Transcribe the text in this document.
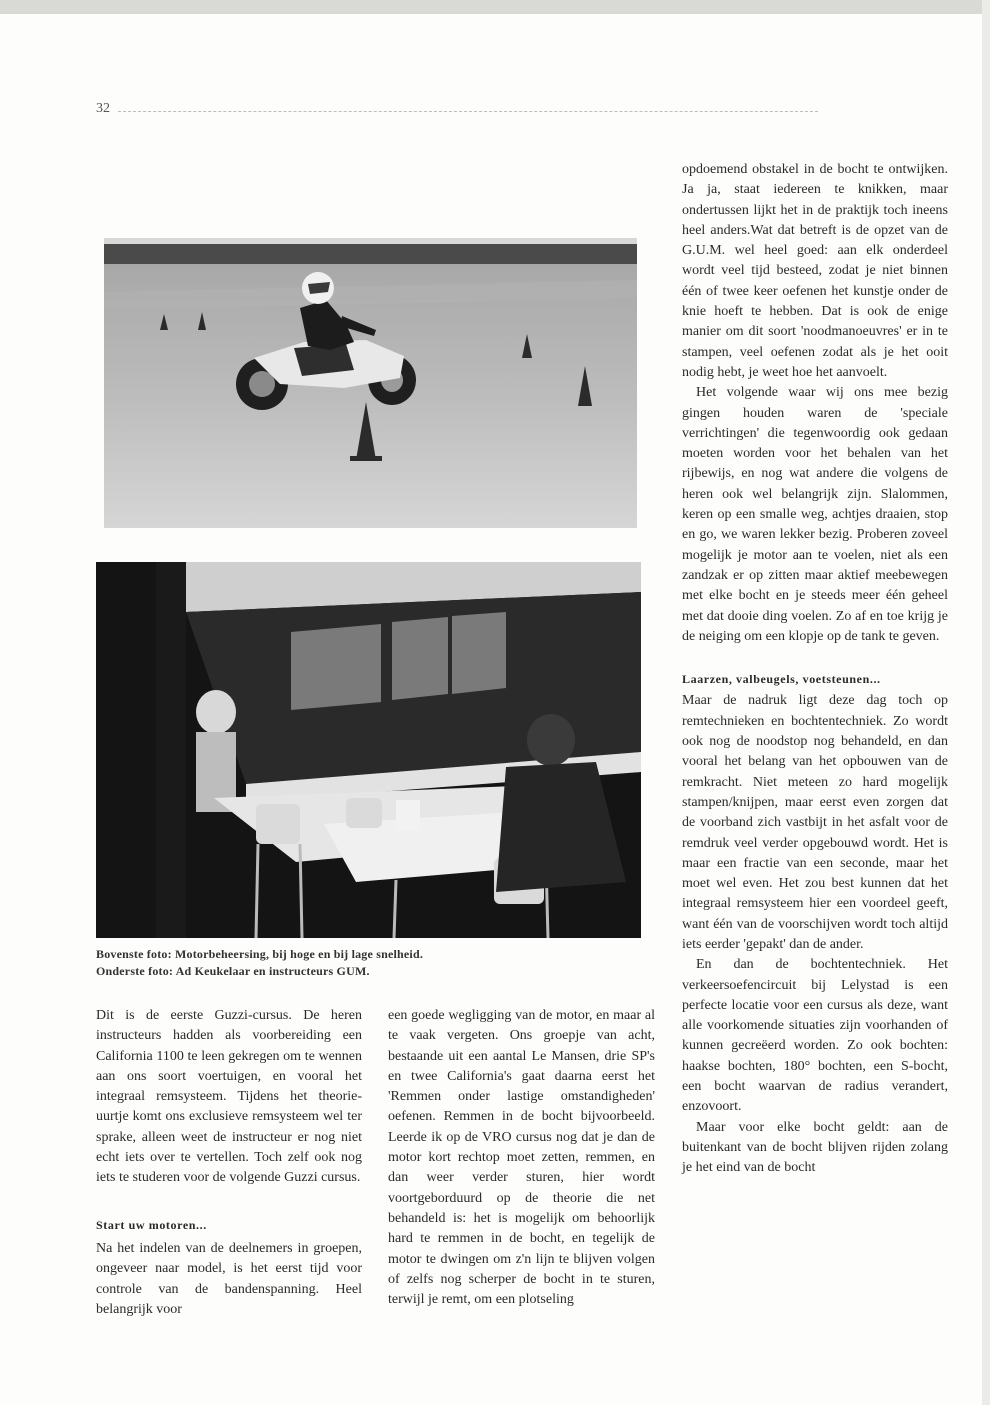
32
Bovenste foto: Motorbeheersing, bij hoge en bij lage snelheid.
Onderste foto: Ad Keukelaar en instructeurs GUM.

Dit is de eerste Guzzi-cursus. De heren instructeurs hadden als voorbereiding een California 1100 te leen gekregen om te wennen aan ons soort voertuigen, en vooral het integraal remsysteem. Tijdens het theorie-uurtje komt ons exclusieve remsysteem wel ter sprake, alleen weet de instructeur er nog niet echt iets over te vertellen. Toch zelf ook nog iets te studeren voor de volgende Guzzi cursus.

Start uw motoren...

Na het indelen van de deelnemers in groepen, ongeveer naar model, is het eerst tijd voor controle van de bandenspanning. Heel belangrijk voor

een goede wegligging van de motor, en maar al te vaak vergeten. Ons groepje van acht, bestaande uit een aantal Le Mansen, drie SP's en twee California's gaat daarna eerst het 'Remmen onder lastige omstandigheden' oefenen. Remmen in de bocht bijvoorbeeld. Leerde ik op de VRO cursus nog dat je dan de motor kort rechtop moet zetten, remmen, en dan weer verder sturen, hier wordt voortgeborduurd op de theorie die net behandeld is: het is mogelijk om behoorlijk hard te remmen in de bocht, en tegelijk de motor te dwingen om z'n lijn te blijven volgen of zelfs nog scherper de bocht in te sturen, terwijl je remt, om een plotseling

opdoemend obstakel in de bocht te ontwijken. Ja ja, staat iedereen te knikken, maar ondertussen lijkt het in de praktijk toch ineens heel anders.Wat dat betreft is de opzet van de G.U.M. wel heel goed: aan elk onderdeel wordt veel tijd besteed, zodat je niet binnen één of twee keer oefenen het kunstje onder de knie hoeft te hebben. Dat is ook de enige manier om dit soort 'noodmanoeuvres' er in te stampen, veel oefenen zodat als je het ooit nodig hebt, je weet hoe het aanvoelt.

Het volgende waar wij ons mee bezig gingen houden waren de 'speciale verrichtingen' die tegenwoordig ook gedaan moeten worden voor het behalen van het rijbewijs, en nog wat andere die volgens de heren ook wel belangrijk zijn. Slalommen, keren op een smalle weg, achtjes draaien, stop en go, we waren lekker bezig. Proberen zoveel mogelijk je motor aan te voelen, niet als een zandzak er op zitten maar aktief meebewegen met elke bocht en je steeds meer één geheel met dat dooie ding voelen. Zo af en toe krijg je de neiging om een klopje op de tank te geven.

Laarzen, valbeugels, voetsteunen...

Maar de nadruk ligt deze dag toch op remtechnieken en bochtentechniek. Zo wordt ook nog de noodstop nog behandeld, en dan vooral het belang van het opbouwen van de remkracht. Niet meteen zo hard mogelijk stampen/knijpen, maar eerst even zorgen dat de voorband zich vastbijt in het asfalt voor de remdruk veel verder opgebouwd wordt. Het is maar een fractie van een seconde, maar het moet wel even. Het zou best kunnen dat het integraal remsysteem hier een voordeel geeft, want één van de voorschijven wordt toch altijd iets eerder 'gepakt' dan de ander.

En dan de bochtentechniek. Het verkeersoefencircuit bij Lelystad is een perfecte locatie voor een cursus als deze, want alle voorkomende situaties zijn voorhanden of kunnen gecreëerd worden. Zo ook bochten: haakse bochten, 180° bochten, een S-bocht, een bocht waarvan de radius verandert, enzovoort.

Maar voor elke bocht geldt: aan de buitenkant van de bocht blijven rijden zolang je het eind van de bocht
